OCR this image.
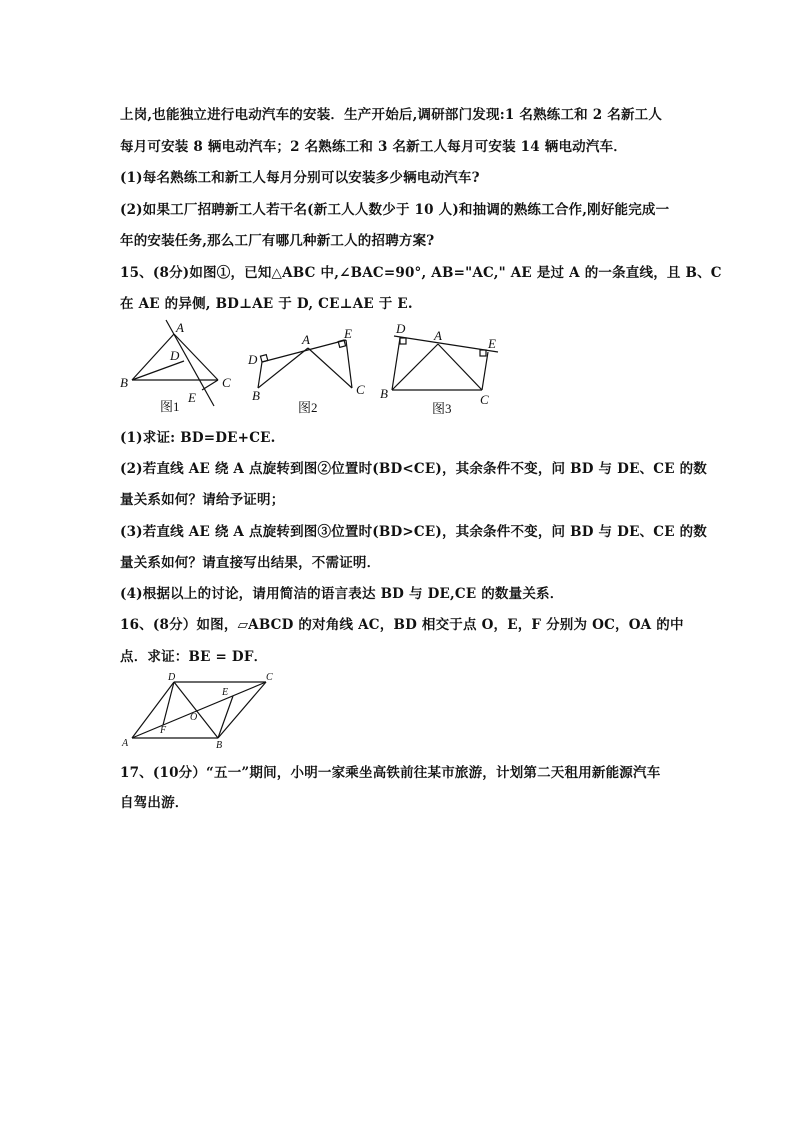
上岗,也能独立进行电动汽车的安装．生产开始后,调研部门发现:1 名熟练工和 2 名新工人
每月可安装 8 辆电动汽车；2 名熟练工和 3 名新工人每月可安装 14 辆电动汽车．
(1)每名熟练工和新工人每月分别可以安装多少辆电动汽车?
(2)如果工厂招聘新工人若干名(新工人人数少于 10 人)和抽调的熟练工合作,刚好能完成一
年的安装任务,那么工厂有哪几种新工人的招聘方案?
15、(8分)如图①，已知△ABC 中,∠BAC=90°, AB="AC," AE 是过 A 的一条直线，且 B、C
在 AE 的异侧, BD⊥AE 于 D, CE⊥AE 于 E.
A
D
B	C
E
图1
D
A	E
B	C
图2
D A
E
B	C
图3
(1)求证: BD=DE+CE.
(2)若直线 AE 绕 A 点旋转到图②位置时(BD<CE)，其余条件不变，问 BD 与 DE、CE 的数
量关系如何？请给予证明；
(3)若直线 AE 绕 A 点旋转到图③位置时(BD>CE)，其余条件不变，问 BD 与 DE、CE 的数
量关系如何？请直接写出结果，不需证明．
(4)根据以上的讨论，请用简洁的语言表达 BD 与 DE,CE 的数量关系．
16、(8分）如图，▱ABCD 的对角线 AC，BD 相交于点 O，E，F 分别为 OC，OA 的中
点．求证：BE = DF．
D	C
E
O
F
A	B
17、(10分）“五一”期间，小明一家乘坐高铁前往某市旅游，计划第二天租用新能源汽车
自驾出游．
